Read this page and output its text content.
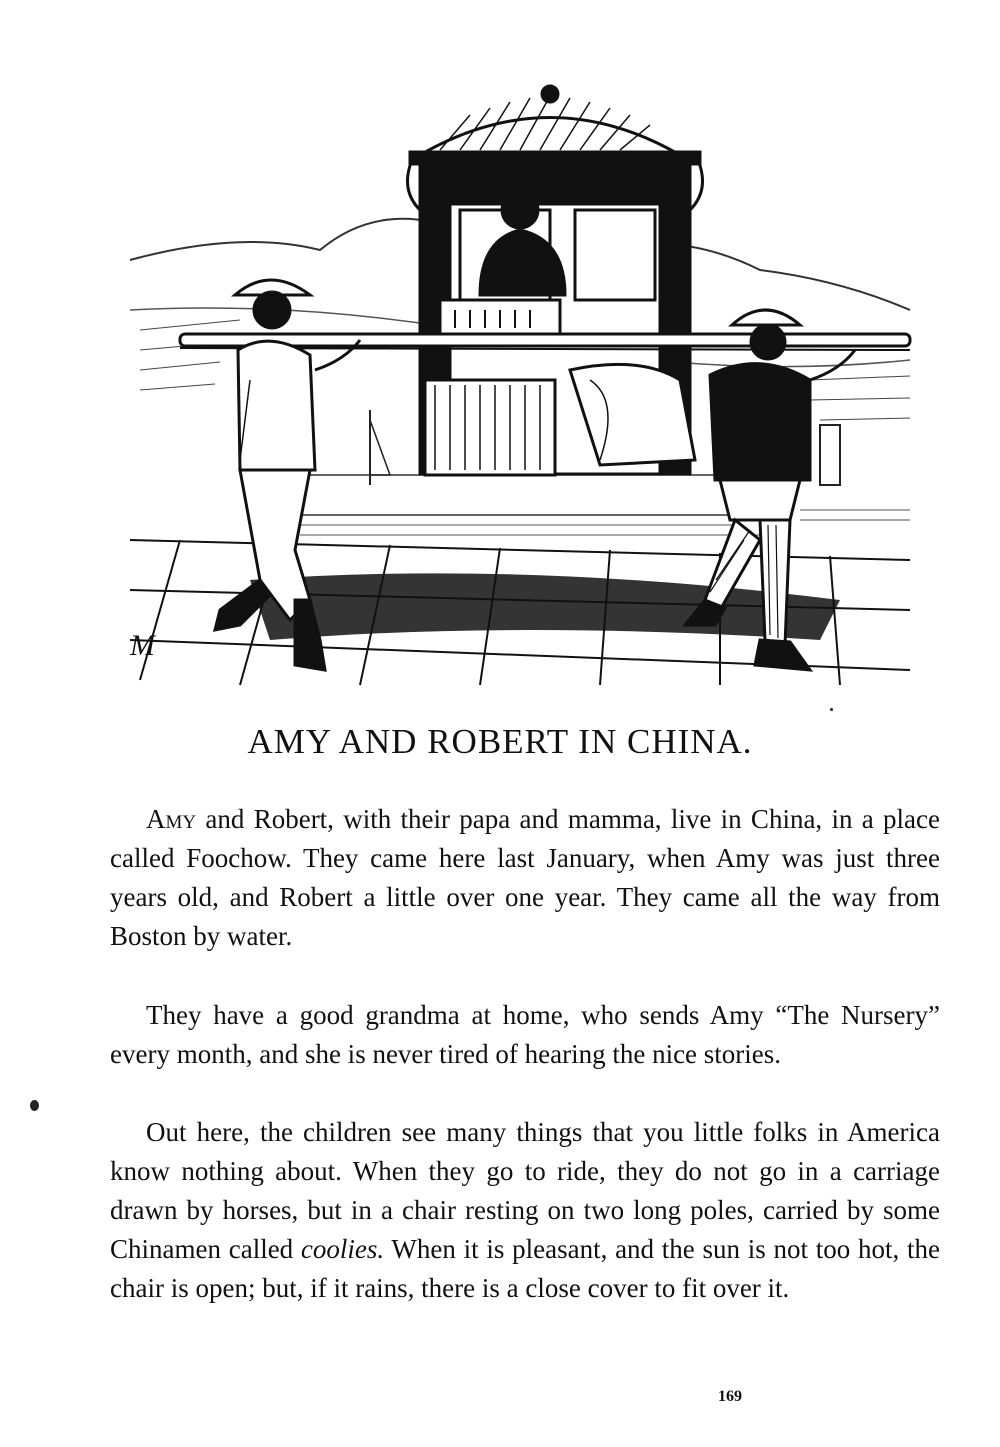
M
AMY AND ROBERT IN CHINA.

Amy and Robert, with their papa and mamma, live in China, in a place called Foochow. They came here last January, when Amy was just three years old, and Robert a little over one year. They came all the way from Boston by water.

They have a good grandma at home, who sends Amy “The Nursery” every month, and she is never tired of hearing the nice stories.

Out here, the children see many things that you little folks in America know nothing about. When they go to ride, they do not go in a carriage drawn by horses, but in a chair resting on two long poles, carried by some Chinamen called coolies. When it is pleasant, and the sun is not too hot, the chair is open; but, if it rains, there is a close cover to fit over it.

169
